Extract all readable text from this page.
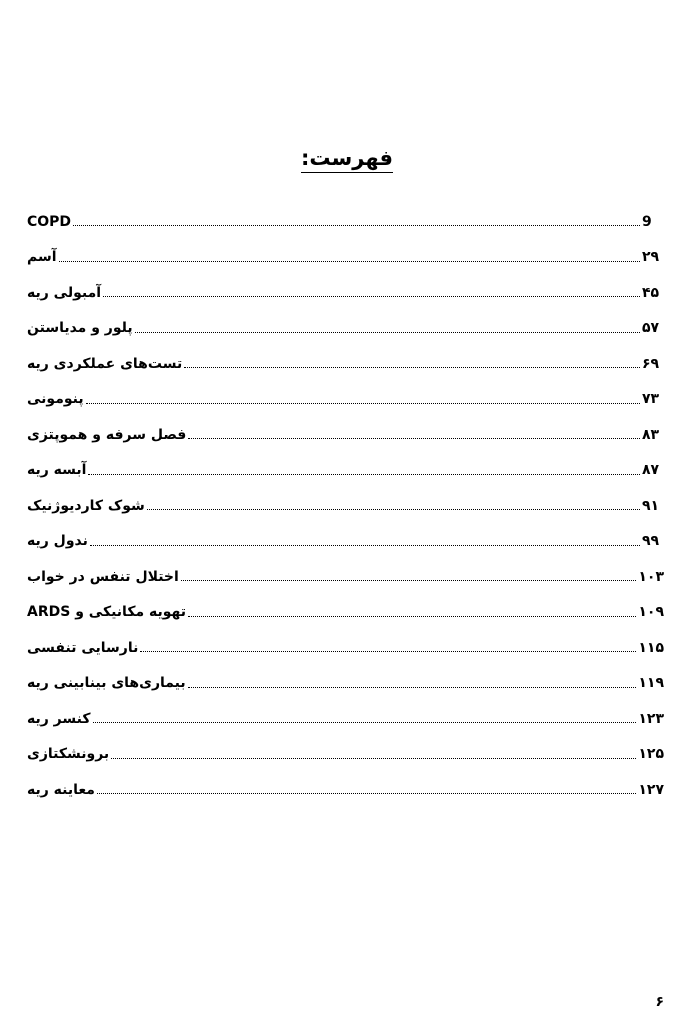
فهرست:
COPD	9
آسم	۲۹
آمبولی ریه	۴۵
پلور و مدیاستن	۵۷
تست‌های عملکردی ریه	۶۹
پنومونی	۷۳
فصل سرفه و هموپتزی	۸۳
آبسه ریه	۸۷
شوک کاردیوژنیک	۹۱
ندول ریه	۹۹
اختلال تنفس در خواب	۱۰۳
تهویه مکانیکی و ARDS	۱۰۹
نارسایی تنفسی	۱۱۵
بیماری‌های بینابینی ریه	۱۱۹
کنسر ریه	۱۲۳
برونشکتازی	۱۲۵
معاینه ریه	۱۲۷
۶
